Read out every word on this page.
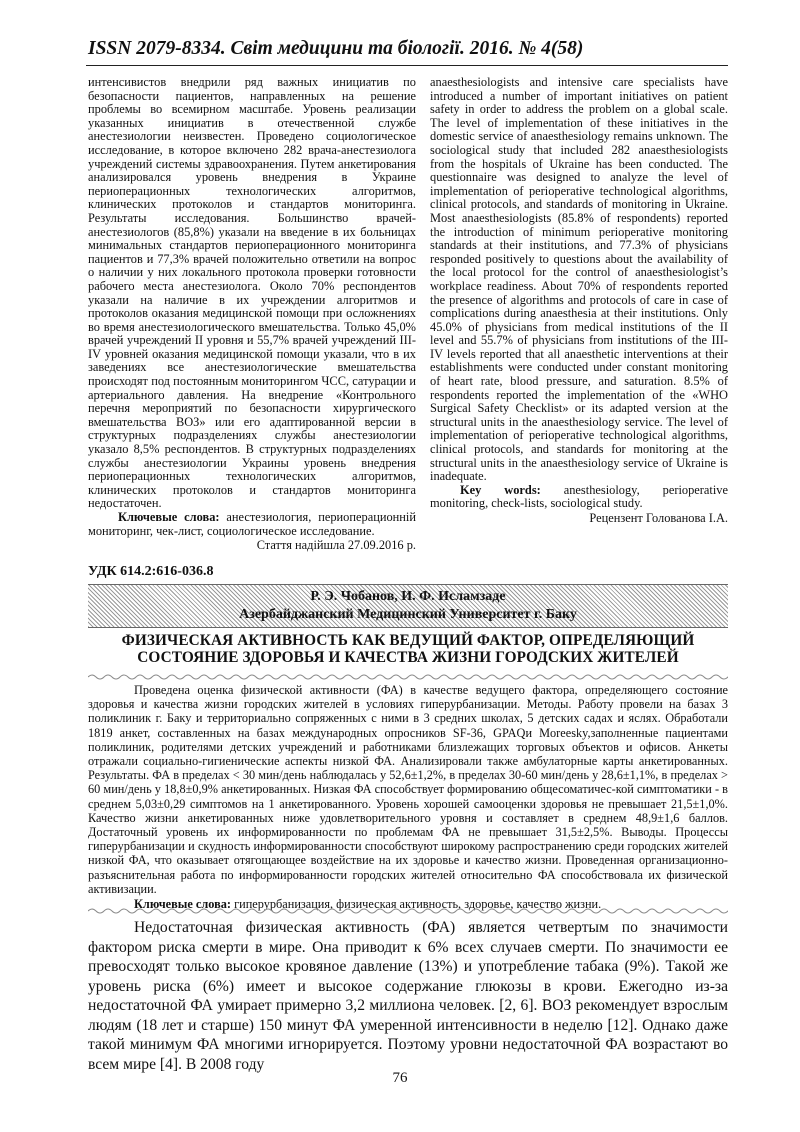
ISSN 2079-8334. Світ медицини та біології. 2016. № 4(58)

интенсивистов внедрили ряд важных инициатив по безопасности пациентов, направленных на решение проблемы во всемирном масштабе. Уровень реализации указанных инициатив в отечественной службе анестезиологии неизвестен. Проведено социологическое исследование, в которое включено 282 врача-анестезиолога учреждений системы здравоохранения. Путем анкетирования анализировался уровень внедрения в Украине периоперационных технологических алгоритмов, клинических протоколов и стандартов мониторинга. Результаты исследования. Большинство врачей-анестезиологов (85,8%) указали на введение в их больницах минимальных стандартов периоперационного мониторинга пациентов и 77,3% врачей положительно ответили на вопрос о наличии у них локального протокола проверки готовности рабочего места анестезиолога. Около 70% респондентов указали на наличие в их учреждении алгоритмов и протоколов оказания медицинской помощи при осложнениях во время анестезиологического вмешательства. Только 45,0% врачей учреждений II уровня и 55,7% врачей учреждений III-IV уровней оказания медицинской помощи указали, что в их заведениях все анестезиологические вмешательства происходят под постоянным мониторингом ЧСС, сатурации и артериального давления. На внедрение «Контрольного перечня мероприятий по безопасности хирургического вмешательства ВОЗ» или его адаптированной версии в структурных подразделениях службы анестезиологии указало 8,5% респондентов. В структурных подразделениях службы анестезиологии Украины уровень внедрения периоперационных технологических алгоритмов, клинических протоколов и стандартов мониторинга недостаточен.

Ключевые слова: анестезиология, периоперационній мониторинг, чек-лист, социологическое исследование.

Стаття надійшла 27.09.2016 р.

anaesthesiologists and intensive care specialists have introduced a number of important initiatives on patient safety in order to address the problem on a global scale. The level of implementation of these initiatives in the domestic service of anaesthesiology remains unknown. The sociological study that included 282 anaesthesiologists from the hospitals of Ukraine has been conducted. The questionnaire was designed to analyze the level of implementation of perioperative technological algorithms, clinical protocols, and standards of monitoring in Ukraine. Most anaesthesiologists (85.8% of respondents) reported the introduction of minimum perioperative monitoring standards at their institutions, and 77.3% of physicians responded positively to questions about the availability of the local protocol for the control of anaesthesiologist’s workplace readiness. About 70% of respondents reported the presence of algorithms and protocols of care in case of complications during anaesthesia at their institutions. Only 45.0% of physicians from medical institutions of the II level and 55.7% of physicians from institutions of the III-IV levels reported that all anaesthetic interventions at their establishments were conducted under constant monitoring of heart rate, blood pressure, and saturation. 8.5% of respondents reported the implementation of the «WHO Surgical Safety Checklist» or its adapted version at the structural units in the anaesthesiology service. The level of implementation of perioperative technological algorithms, clinical protocols, and standards for monitoring at the structural units in the anaesthesiology service of Ukraine is inadequate.

Key words: anesthesiology, perioperative monitoring, check-lists, sociological study.

Рецензент Голованова І.А.

УДК 614.2:616-036.8
Р. Э. Чобанов, И. Ф. Исламзаде
Азербайджанский Медицинский Университет г. Баку
ФИЗИЧЕСКАЯ АКТИВНОСТЬ КАК ВЕДУЩИЙ ФАКТОР, ОПРЕДЕЛЯЮЩИЙ СОСТОЯНИЕ ЗДОРОВЬЯ И КАЧЕСТВА ЖИЗНИ ГОРОДСКИХ ЖИТЕЛЕЙ

Проведена оценка физической активности (ФА) в качестве ведущего фактора, определяющего состояние здоровья и качества жизни городских жителей в условиях гиперурбанизации. Методы. Работу провели на базах 3 поликлиник г. Баку и территориально сопряженных с ними в 3 средних школах, 5 детских садах и яслях. Обработали 1819 анкет, составленных на базах международных опросников SF-36, GPAQи Moreesky,заполненные пациентами поликлиник, родителями детских учреждений и работниками близлежащих торговых объектов и офисов. Анкеты отражали социально-гигиенические аспекты низкой ФА. Анализировали также амбулаторные карты анкетированных. Результаты. ФА в пределах < 30 мин/день наблюдалась у 52,6±1,2%, в пределах 30-60 мин/день у 28,6±1,1%, в пределах > 60 мин/день у 18,8±0,9% анкетированных. Низкая ФА способствует формированию общесоматичес-кой симптоматики - в среднем 5,03±0,29 симптомов на 1 анкетированного. Уровень хорошей самооценки здоровья не превышает 21,5±1,0%. Качество жизни анкетированных ниже удовлетворительного уровня и составляет в среднем 48,9±1,6 баллов. Достаточный уровень их информированности по проблемам ФА не превышает 31,5±2,5%. Выводы. Процессы гиперурбанизации и скудность информированности способствуют широкому распространению среди городских жителей низкой ФА, что оказывает отягощающее воздействие на их здоровье и качество жизни. Проведенная организационно-разъяснительная работа по информированности городских жителей относительно ФА способствовала их физической активизации.

Ключевые слова: гиперурбанизация, физическая активность, здоровье, качество жизни.

Недостаточная физическая активность (ФА) является четвертым по значимости фактором риска смерти в мире. Она приводит к 6% всех случаев смерти. По значимости ее превосходят только высокое кровяное давление (13%) и употребление табака (9%). Такой же уровень риска (6%) имеет и высокое содержание глюкозы в крови. Ежегодно из-за недостаточной ФА умирает примерно 3,2 миллиона человек. [2, 6]. ВОЗ рекомендует взрослым людям (18 лет и старше) 150 минут ФА умеренной интенсивности в неделю [12]. Однако даже такой минимум ФА многими игнорируется. Поэтому уровни недостаточной ФА возрастают во всем мире [4]. В 2008 году

76
